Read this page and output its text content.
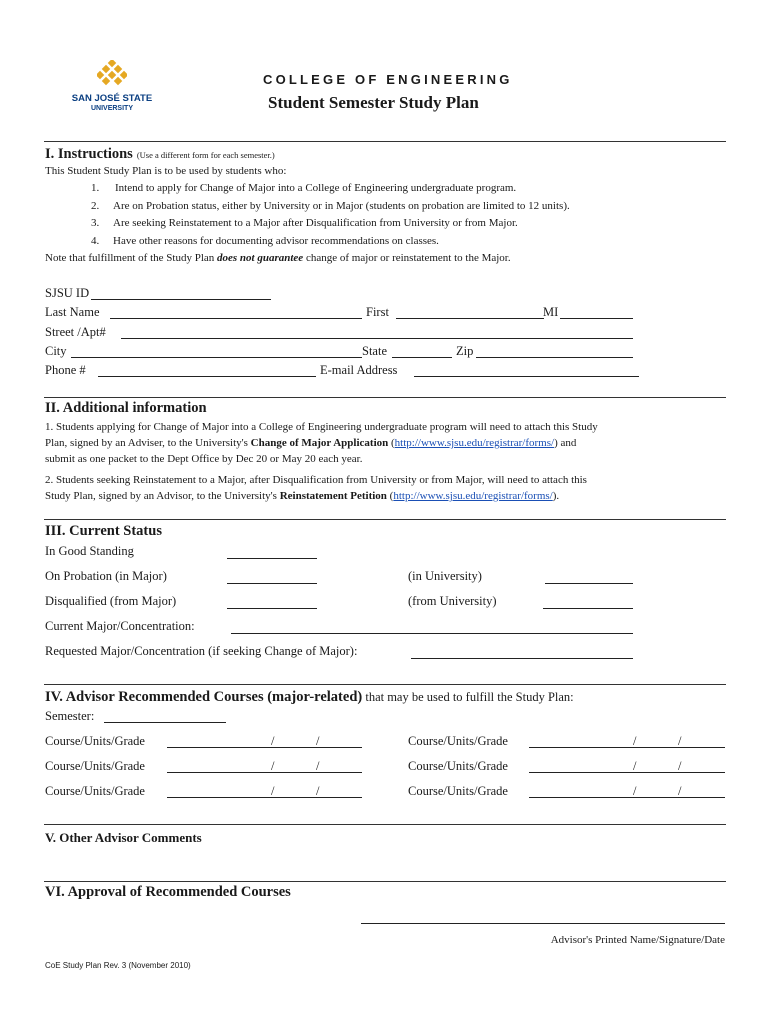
SAN JOSÉ STATE
UNIVERSITY
COLLEGE OF ENGINEERING
Student Semester Study Plan
I. Instructions (Use a different form for each semester.)
This Student Study Plan is to be used by students who:
1. Intend to apply for Change of Major into a College of Engineering undergraduate program.
2. Are on Probation status, either by University or in Major (students on probation are limited to 12 units).
3. Are seeking Reinstatement to a Major after Disqualification from University or from Major.
4. Have other reasons for documenting advisor recommendations on classes.
Note that fulfillment of the Study Plan does not guarantee change of major or reinstatement to the Major.
SJSU ID
Last Name	First	MI
Street /Apt#
City	State	Zip
Phone #	E-mail Address
II. Additional information
1. Students applying for Change of Major into a College of Engineering undergraduate program will need to attach this Study
Plan, signed by an Adviser, to the University's Change of Major Application (http://www.sjsu.edu/registrar/forms/) and
submit as one packet to the Dept Office by Dec 20 or May 20 each year.
2. Students seeking Reinstatement to a Major, after Disqualification from University or from Major, will need to attach this
Study Plan, signed by an Advisor, to the University's Reinstatement Petition (http://www.sjsu.edu/registrar/forms/).
III. Current Status
In Good Standing
On Probation (in Major)	(in University)
Disqualified (from Major)	(from University)
Current Major/Concentration:
Requested Major/Concentration (if seeking Change of Major):
IV. Advisor Recommended Courses (major-related) that may be used to fulfill the Study Plan:
Semester:
Course/Units/Grade	/	/
Course/Units/Grade	/	/
Course/Units/Grade	/	/
Course/Units/Grade	/	/
Course/Units/Grade	/	/
Course/Units/Grade	/	/
V. Other Advisor Comments
VI. Approval of Recommended Courses
Advisor's Printed Name/Signature/Date
CoE Study Plan Rev. 3 (November 2010)
